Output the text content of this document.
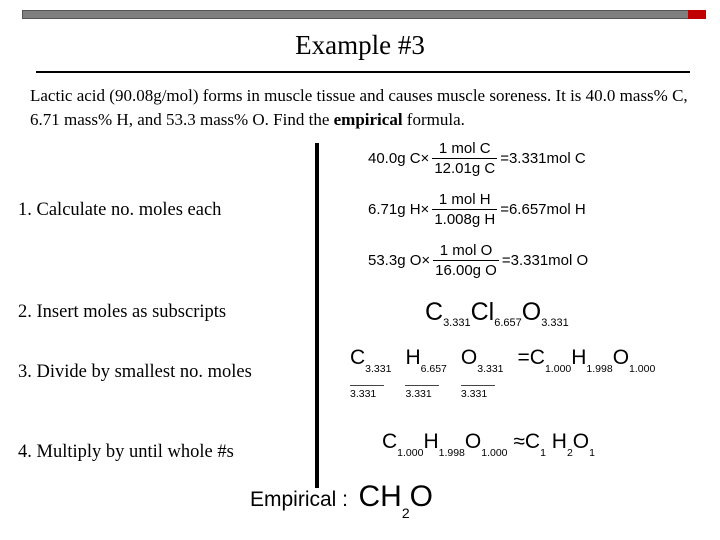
Example #3
Lactic acid (90.08g/mol) forms in muscle tissue and causes muscle soreness. It is 40.0 mass% C, 6.71 mass% H, and 53.3 mass% O. Find the empirical formula.
1. Calculate no. moles each
2. Insert moles as subscripts
3. Divide by smallest no. moles
4. Multiply by until whole #s
40.0g $C \times \frac{\text{1 mol C}}{\text{12.01g C}} = 3.331mol$ C
6.71g $H \times \frac{\text{1 mol H}}{\text{1.008g H}} = 6.657mol$ H
53.3g $O \times \frac{\text{1 mol O}}{\text{16.00g O}} = 3.331mol$ O
$C_{3.331}Cl_{6.657}O_{3.331}$
$C_{3.331}$
3.331
$H_{6.657}$
3.331
$O_{3.331}$
3.331
$=C_{1.000}H_{1.998}O_{1.000}$
$C_{1.000}H_{1.998}O_{1.000} \approx C_1$ $H_2O_1$
Empirical : CH2O
